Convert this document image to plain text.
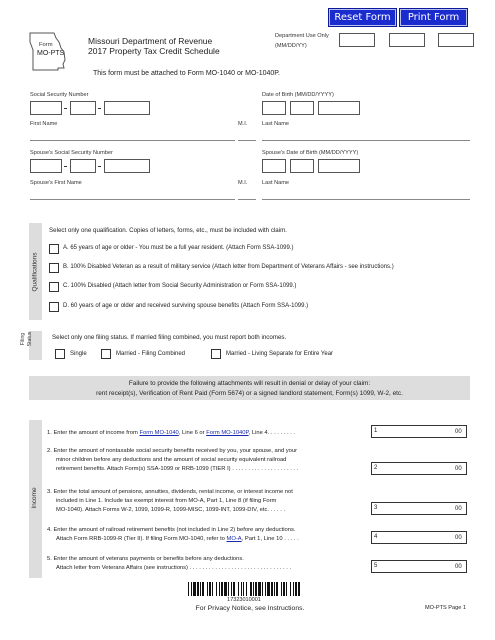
Reset Form	Print Form
Form
MO-PTS
Missouri Department of Revenue
2017 Property Tax Credit Schedule
Department Use Only
(MM/DD/YY)
This form must be attached to Form MO-1040 or MO-1040P.
Social Security Number	Date of Birth (MM/DD/YYYY)
First Name	M.I.	Last Name
Spouse's Social Security Number	Spouse's Date of Birth (MM/DD/YYYY)
Spouse's First Name	M.I.	Last Name
Qualifications
Select only one qualification. Copies of letters, forms, etc., must be included with claim.
A. 65 years of age or older - You must be a full year resident. (Attach Form SSA-1099.)
B. 100% Disabled Veteran as a result of military service (Attach letter from Department of Veterans Affairs - see instructions.)
C. 100% Disabled (Attach letter from Social Security Administration or Form SSA-1099.)
D. 60 years of age or older and received surviving spouse benefits (Attach Form SSA-1099.)
Filing Status	Select only one filing status. If married filing combined, you must report both incomes.
Single	Married - Filing Combined	Married - Living Separate for Entire Year
Failure to provide the following attachments will result in denial or delay of your claim:
rent receipt(s), Verification of Rent Paid (Form 5674) or a signed landlord statement, Form(s) 1099, W-2, etc.
Income
1. Enter the amount of income from Form MO-1040, Line 6 or Form MO-1040P, Line 4. . . . . . . . .
2. Enter the amount of nontaxable social security benefits received by you, your spouse, and your
minor children before any deductions and the amount of social security equivalent railroad
retirement benefits. Attach Form(s) SSA-1099 or RRB-1099 (TIER I) . . . . . . . . . . . . . . . . . . . . .
3. Enter the total amount of pensions, annuities, dividends, rental income, or interest income not
included in Line 1. Include tax exempt interest from MO-A, Part 1, Line 8 (if filing Form
MO-1040). Attach Forms W-2, 1099, 1099-R, 1099-MISC, 1099-INT, 1099-DIV, etc. . . . . .
4. Enter the amount of railroad retirement benefits (not included in Line 2) before any deductions.
Attach Form RRB-1099-R (Tier II). If filing Form MO-1040, refer to MO-A, Part 1, Line 10 . . . . .
5. Enter the amount of veterans payments or benefits before any deductions.
Attach letter from Veterans Affairs (see instructions) . . . . . . . . . . . . . . . . . . . . . . . . . . . . . . . .
1	00
2	00
3	00
4	00
5	00
17323010001
For Privacy Notice, see Instructions.	MO-PTS Page 1
